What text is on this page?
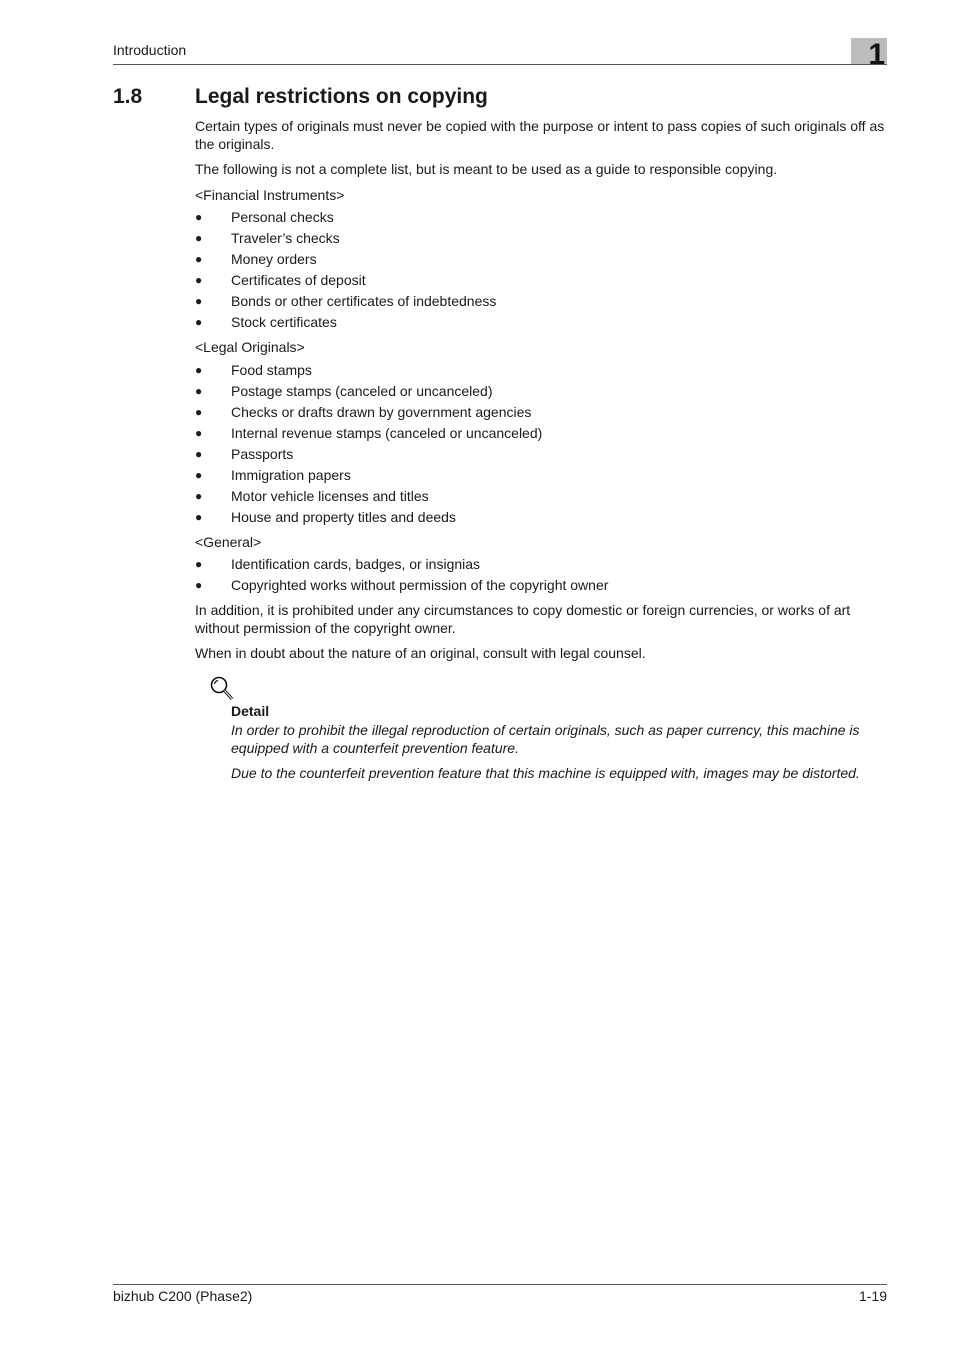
Introduction	1
1.8	Legal restrictions on copying

Certain types of originals must never be copied with the purpose or intent to pass copies of such originals off as the originals.

The following is not a complete list, but is meant to be used as a guide to responsible copying.

<Financial Instruments>
● Personal checks
● Traveler’s checks
● Money orders
● Certificates of deposit
● Bonds or other certificates of indebtedness
● Stock certificates
<Legal Originals>
● Food stamps
● Postage stamps (canceled or uncanceled)
● Checks or drafts drawn by government agencies
● Internal revenue stamps (canceled or uncanceled)
● Passports
● Immigration papers
● Motor vehicle licenses and titles
● House and property titles and deeds
<General>
● Identification cards, badges, or insignias
● Copyrighted works without permission of the copyright owner

In addition, it is prohibited under any circumstances to copy domestic or foreign currencies, or works of art without permission of the copyright owner.

When in doubt about the nature of an original, consult with legal counsel.

Detail

In order to prohibit the illegal reproduction of certain originals, such as paper currency, this machine is equipped with a counterfeit prevention feature.

Due to the counterfeit prevention feature that this machine is equipped with, images may be distorted.

bizhub C200 (Phase2)	1-19
